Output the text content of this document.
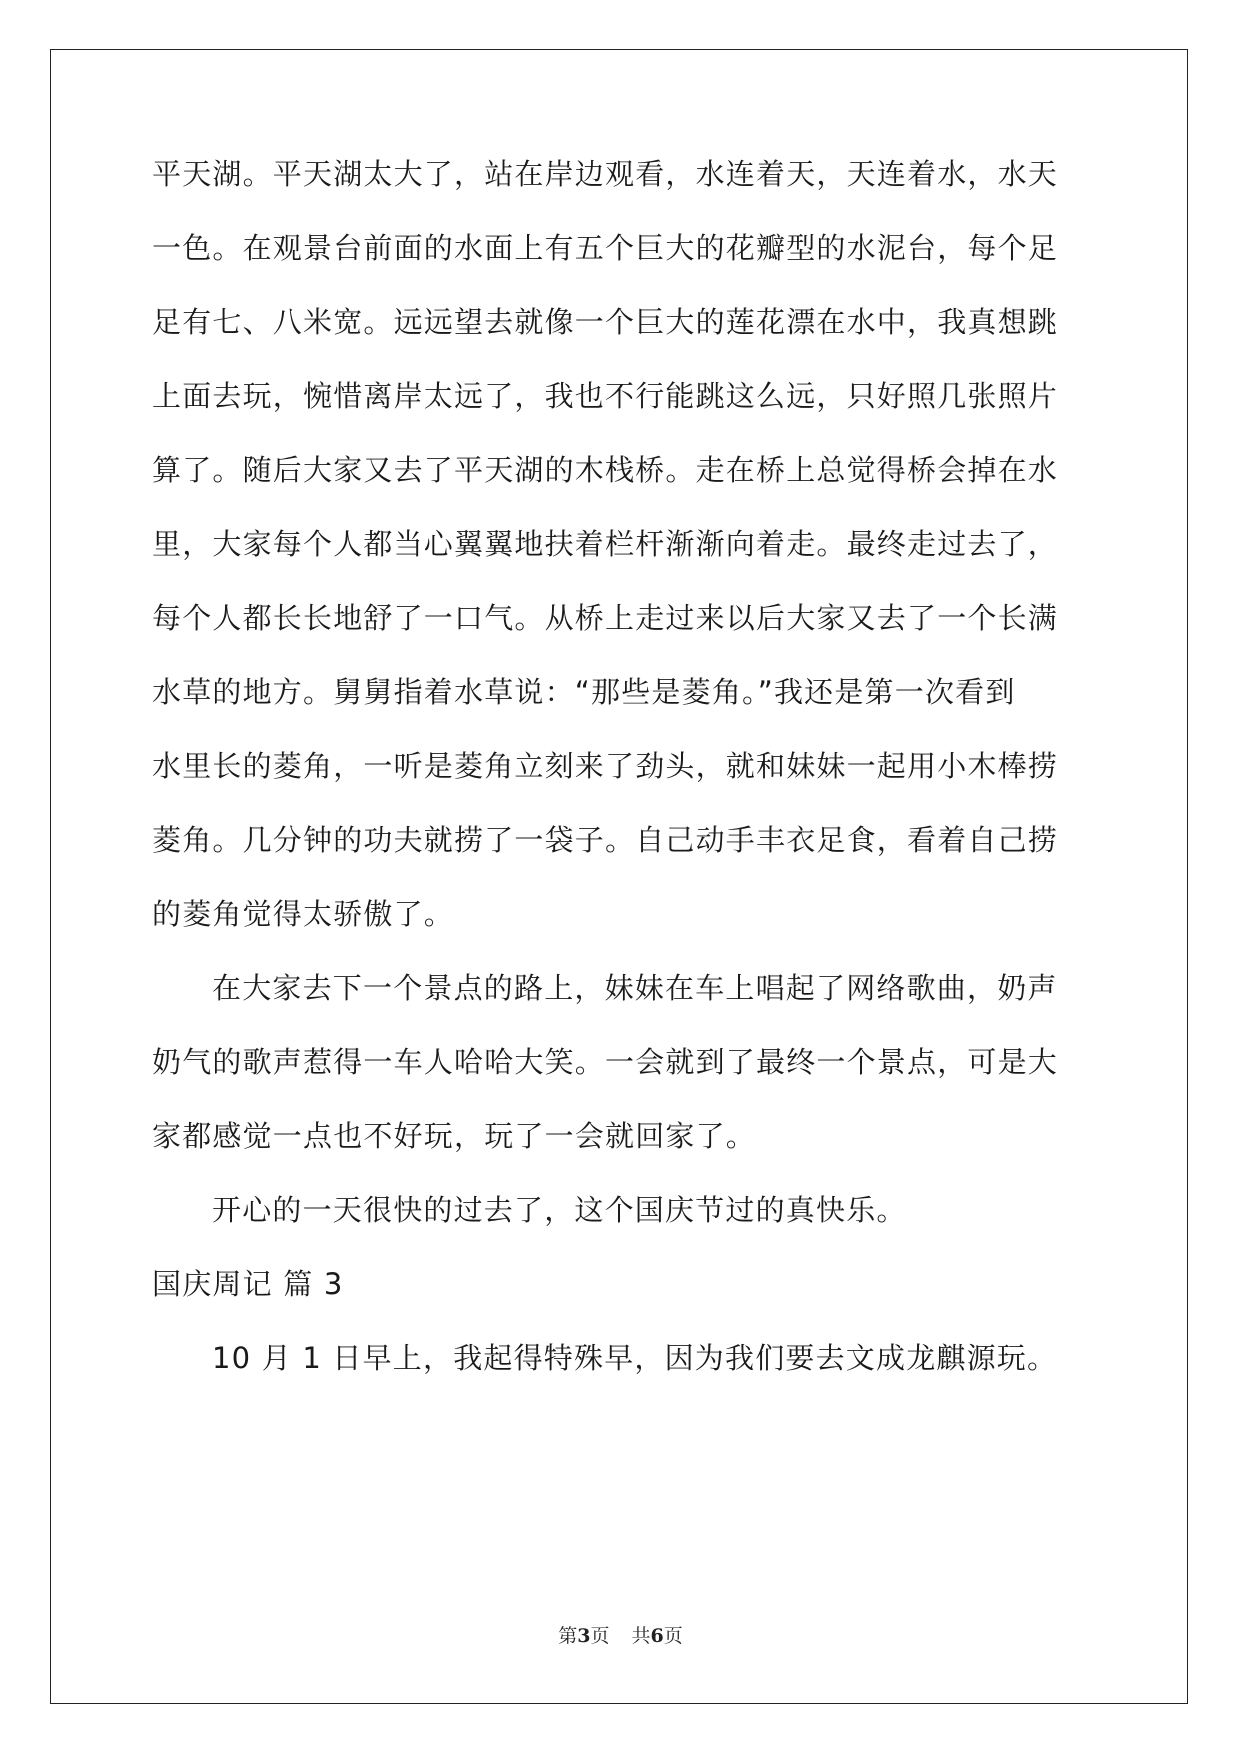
平天湖。平天湖太大了，站在岸边观看，水连着天，天连着水，水天
一色。在观景台前面的水面上有五个巨大的花瓣型的水泥台，每个足
足有七、八米宽。远远望去就像一个巨大的莲花漂在水中，我真想跳
上面去玩，惋惜离岸太远了，我也不行能跳这么远，只好照几张照片
算了。随后大家又去了平天湖的木栈桥。走在桥上总觉得桥会掉在水
里，大家每个人都当心翼翼地扶着栏杆渐渐向着走。最终走过去了，
每个人都长长地舒了一口气。从桥上走过来以后大家又去了一个长满
水草的地方。舅舅指着水草说：“那些是菱角。”我还是第一次看到
水里长的菱角，一听是菱角立刻来了劲头，就和妹妹一起用小木棒捞
菱角。几分钟的功夫就捞了一袋子。自己动手丰衣足食，看着自己捞
的菱角觉得太骄傲了。
在大家去下一个景点的路上，妹妹在车上唱起了网络歌曲，奶声
奶气的歌声惹得一车人哈哈大笑。一会就到了最终一个景点，可是大
家都感觉一点也不好玩，玩了一会就回家了。
开心的一天很快的过去了，这个国庆节过的真快乐。
国庆周记 篇 3
10 月 1 日早上，我起得特殊早，因为我们要去文成龙麒源玩。
第3页 共6页
